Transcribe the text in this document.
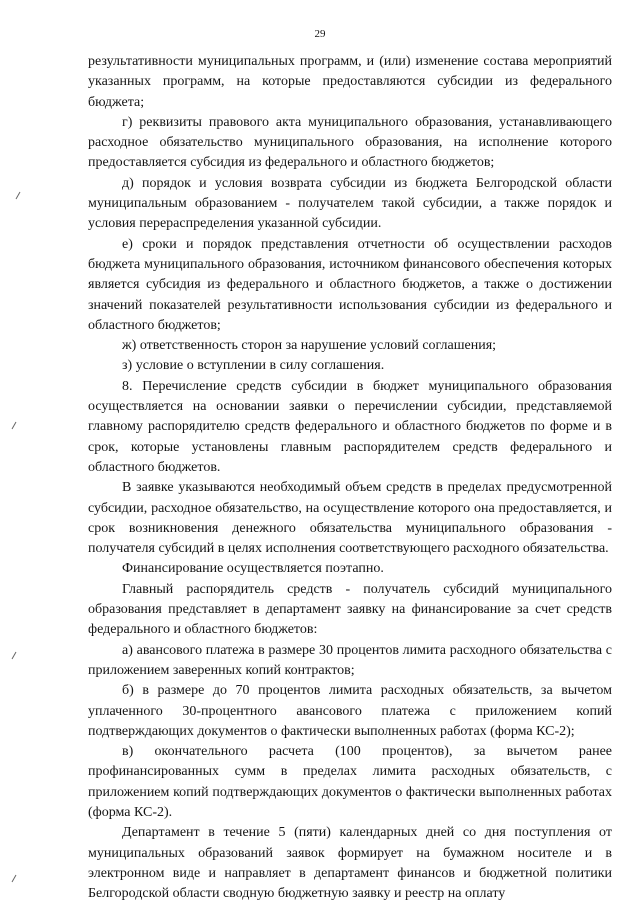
29

результативности муниципальных программ, и (или) изменение состава мероприятий указанных программ, на которые предоставляются субсидии из федерального бюджета;

г) реквизиты правового акта муниципального образования, устанавливающего расходное обязательство муниципального образования, на исполнение которого предоставляется субсидия из федерального и областного бюджетов;

д) порядок и условия возврата субсидии из бюджета Белгородской области муниципальным образованием - получателем такой субсидии, а также порядок и условия перераспределения указанной субсидии.

е) сроки и порядок представления отчетности об осуществлении расходов бюджета муниципального образования, источником финансового обеспечения которых является субсидия из федерального и областного бюджетов, а также о достижении значений показателей результативности использования субсидии из федерального и областного бюджетов;

ж) ответственность сторон за нарушение условий соглашения;

з) условие о вступлении в силу соглашения.

8. Перечисление средств субсидии в бюджет муниципального образования осуществляется на основании заявки о перечислении субсидии, представляемой главному распорядителю средств федерального и областного бюджетов по форме и в срок, которые установлены главным распорядителем средств федерального и областного бюджетов.

В заявке указываются необходимый объем средств в пределах предусмотренной субсидии, расходное обязательство, на осуществление которого она предоставляется, и срок возникновения денежного обязательства муниципального образования - получателя субсидий в целях исполнения соответствующего расходного обязательства.

Финансирование осуществляется поэтапно.

Главный распорядитель средств - получатель субсидий муниципального образования представляет в департамент заявку на финансирование за счет средств федерального и областного бюджетов:

а) авансового платежа в размере 30 процентов лимита расходного обязательства с приложением заверенных копий контрактов;

б) в размере до 70 процентов лимита расходных обязательств, за вычетом уплаченного 30-процентного авансового платежа с приложением копий подтверждающих документов о фактически выполненных работах (форма КС-2);

в) окончательного расчета (100 процентов), за вычетом ранее профинансированных сумм в пределах лимита расходных обязательств, с приложением копий подтверждающих документов о фактически выполненных работах (форма КС-2).

Департамент в течение 5 (пяти) календарных дней со дня поступления от муниципальных образований заявок формирует на бумажном носителе и в электронном виде и направляет в департамент финансов и бюджетной политики Белгородской области сводную бюджетную заявку и реестр на оплату
